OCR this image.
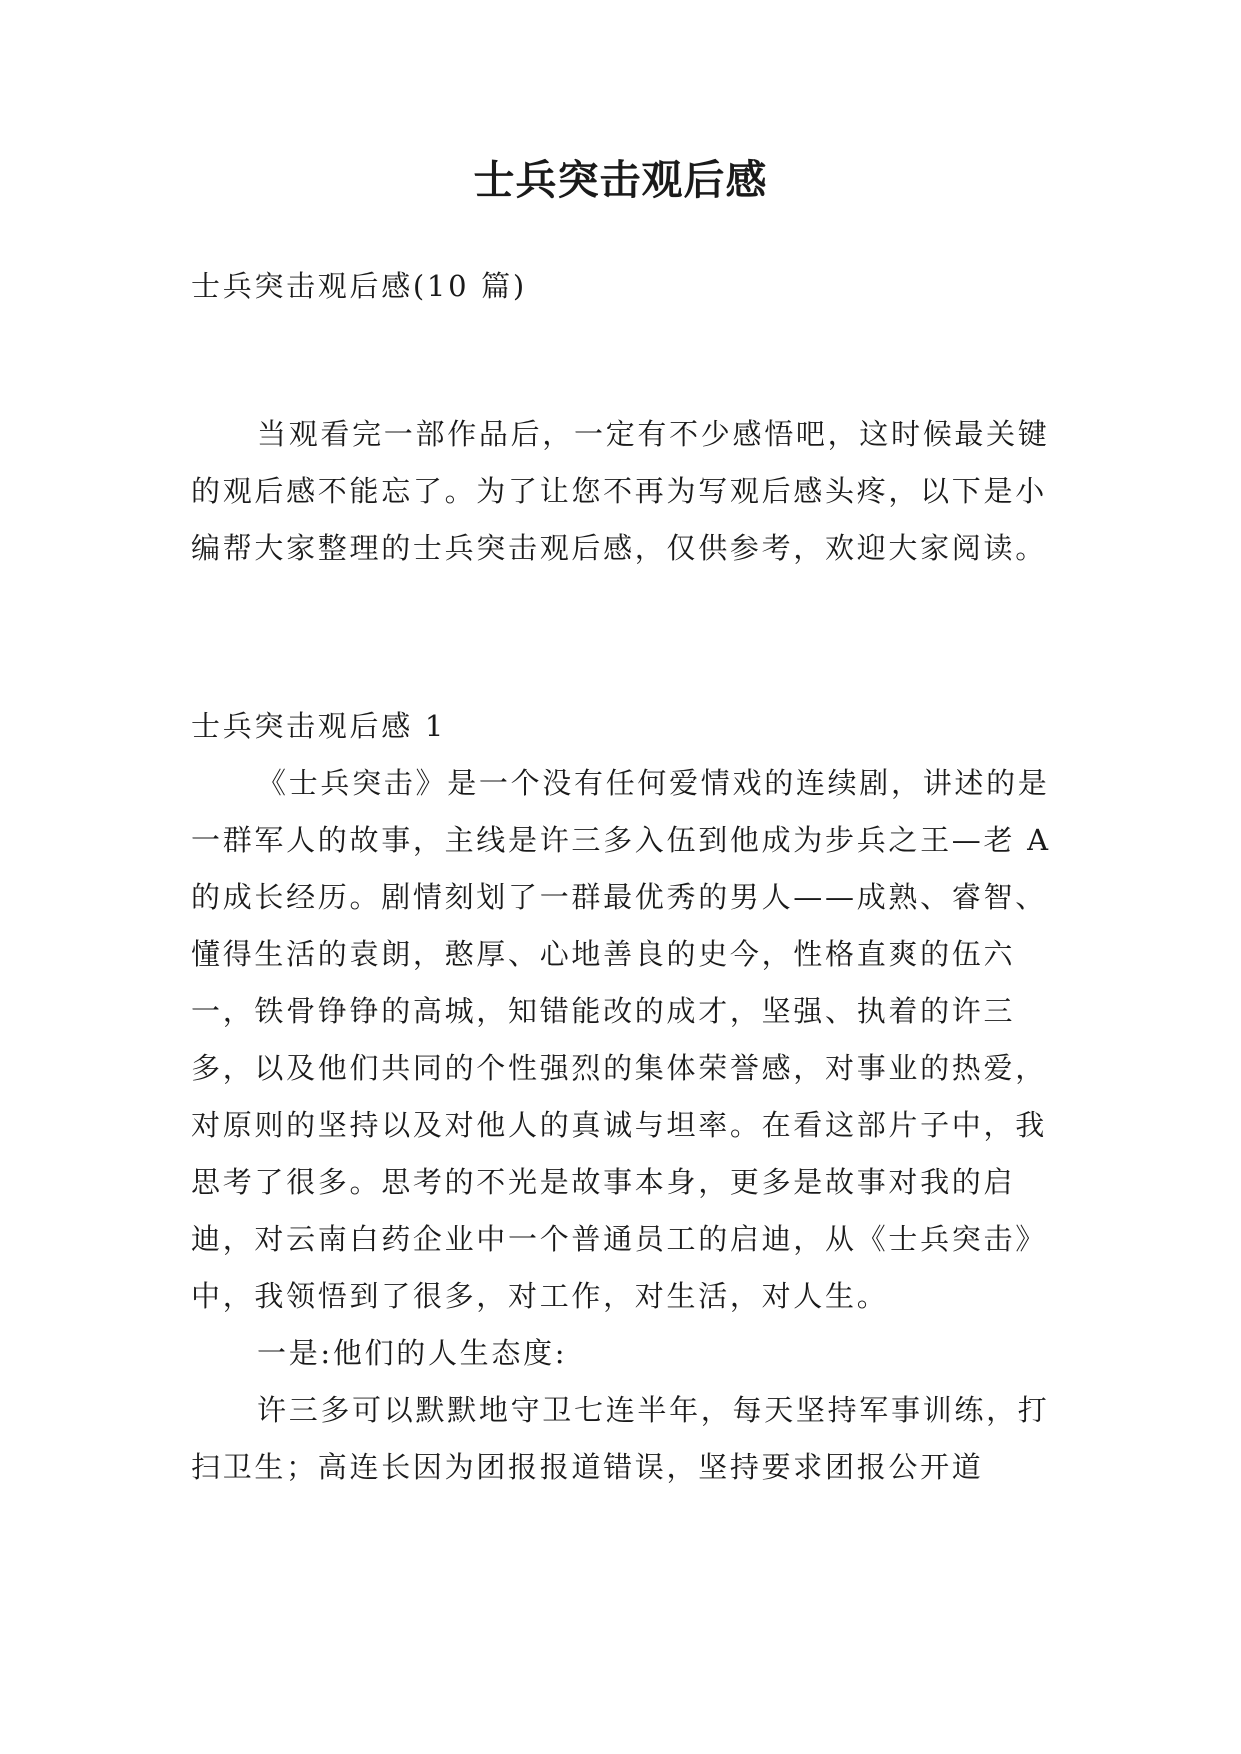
士兵突击观后感
士兵突击观后感(10 篇)

当观看完一部作品后，一定有不少感悟吧，这时候最关键的观后感不能忘了。为了让您不再为写观后感头疼，以下是小编帮大家整理的士兵突击观后感，仅供参考，欢迎大家阅读。

士兵突击观后感 1

《士兵突击》是一个没有任何爱情戏的连续剧，讲述的是一群军人的故事，主线是许三多入伍到他成为步兵之王—老 A 的成长经历。剧情刻划了一群最优秀的男人——成熟、睿智、懂得生活的袁朗，憨厚、心地善良的史今，性格直爽的伍六一，铁骨铮铮的高城，知错能改的成才，坚强、执着的许三多，以及他们共同的个性强烈的集体荣誉感，对事业的热爱，对原则的坚持以及对他人的真诚与坦率。在看这部片子中，我思考了很多。思考的不光是故事本身，更多是故事对我的启迪，对云南白药企业中一个普通员工的启迪，从《士兵突击》中，我领悟到了很多，对工作，对生活，对人生。

一是:他们的人生态度:

许三多可以默默地守卫七连半年，每天坚持军事训练，打扫卫生；高连长因为团报报道错误，坚持要求团报公开道
